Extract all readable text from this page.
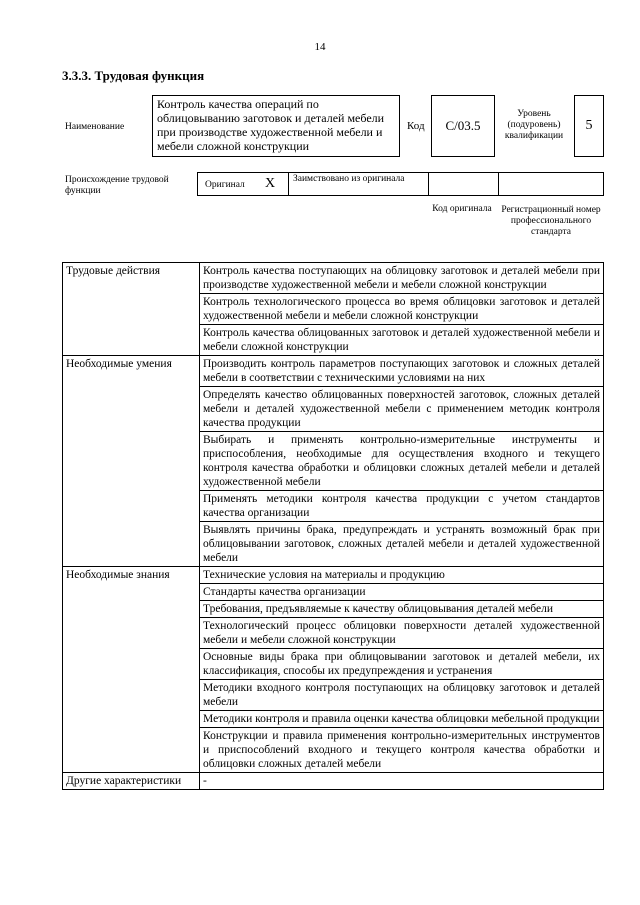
14
3.3.3. Трудовая функция
Наименование
Контроль качества операций по облицовыванию заготовок и деталей мебели при производстве художественной мебели и мебели сложной конструкции
Код C/03.5
Уровень (подуровень) квалификации
5
Происхождение трудовой функции
Оригинал X Заимствовано из оригинала
Код оригинала	Регистрационный номер профессионального стандарта
Трудовые действия	Контроль качества поступающих на облицовку заготовок и деталей мебели при производстве художественной мебели и мебели сложной конструкции
	Контроль технологического процесса во время облицовки заготовок и деталей художественной мебели и мебели сложной конструкции
	Контроль качества облицованных заготовок и деталей художественной мебели и мебели сложной конструкции
Необходимые умения	Производить контроль параметров поступающих заготовок и сложных деталей мебели в соответствии с техническими условиями на них
	Определять качество облицованных поверхностей заготовок, сложных деталей мебели и деталей художественной мебели с применением методик контроля качества продукции
	Выбирать и применять контрольно-измерительные инструменты и приспособления, необходимые для осуществления входного и текущего контроля качества обработки и облицовки сложных деталей мебели и деталей художественной мебели
	Применять методики контроля качества продукции с учетом стандартов качества организации
	Выявлять причины брака, предупреждать и устранять возможный брак при облицовывании заготовок, сложных деталей мебели и деталей художественной мебели
Необходимые знания	Технические условия на материалы и продукцию
	Стандарты качества организации
	Требования, предъявляемые к качеству облицовывания деталей мебели
	Технологический процесс облицовки поверхности деталей художественной мебели и мебели сложной конструкции
	Основные виды брака при облицовывании заготовок и деталей мебели, их классификация, способы их предупреждения и устранения
	Методики входного контроля поступающих на облицовку заготовок и деталей мебели
	Методики контроля и правила оценки качества облицовки мебельной продукции
	Конструкции и правила применения контрольно-измерительных инструментов и приспособлений входного и текущего контроля качества обработки и облицовки сложных деталей мебели
Другие характеристики	-
